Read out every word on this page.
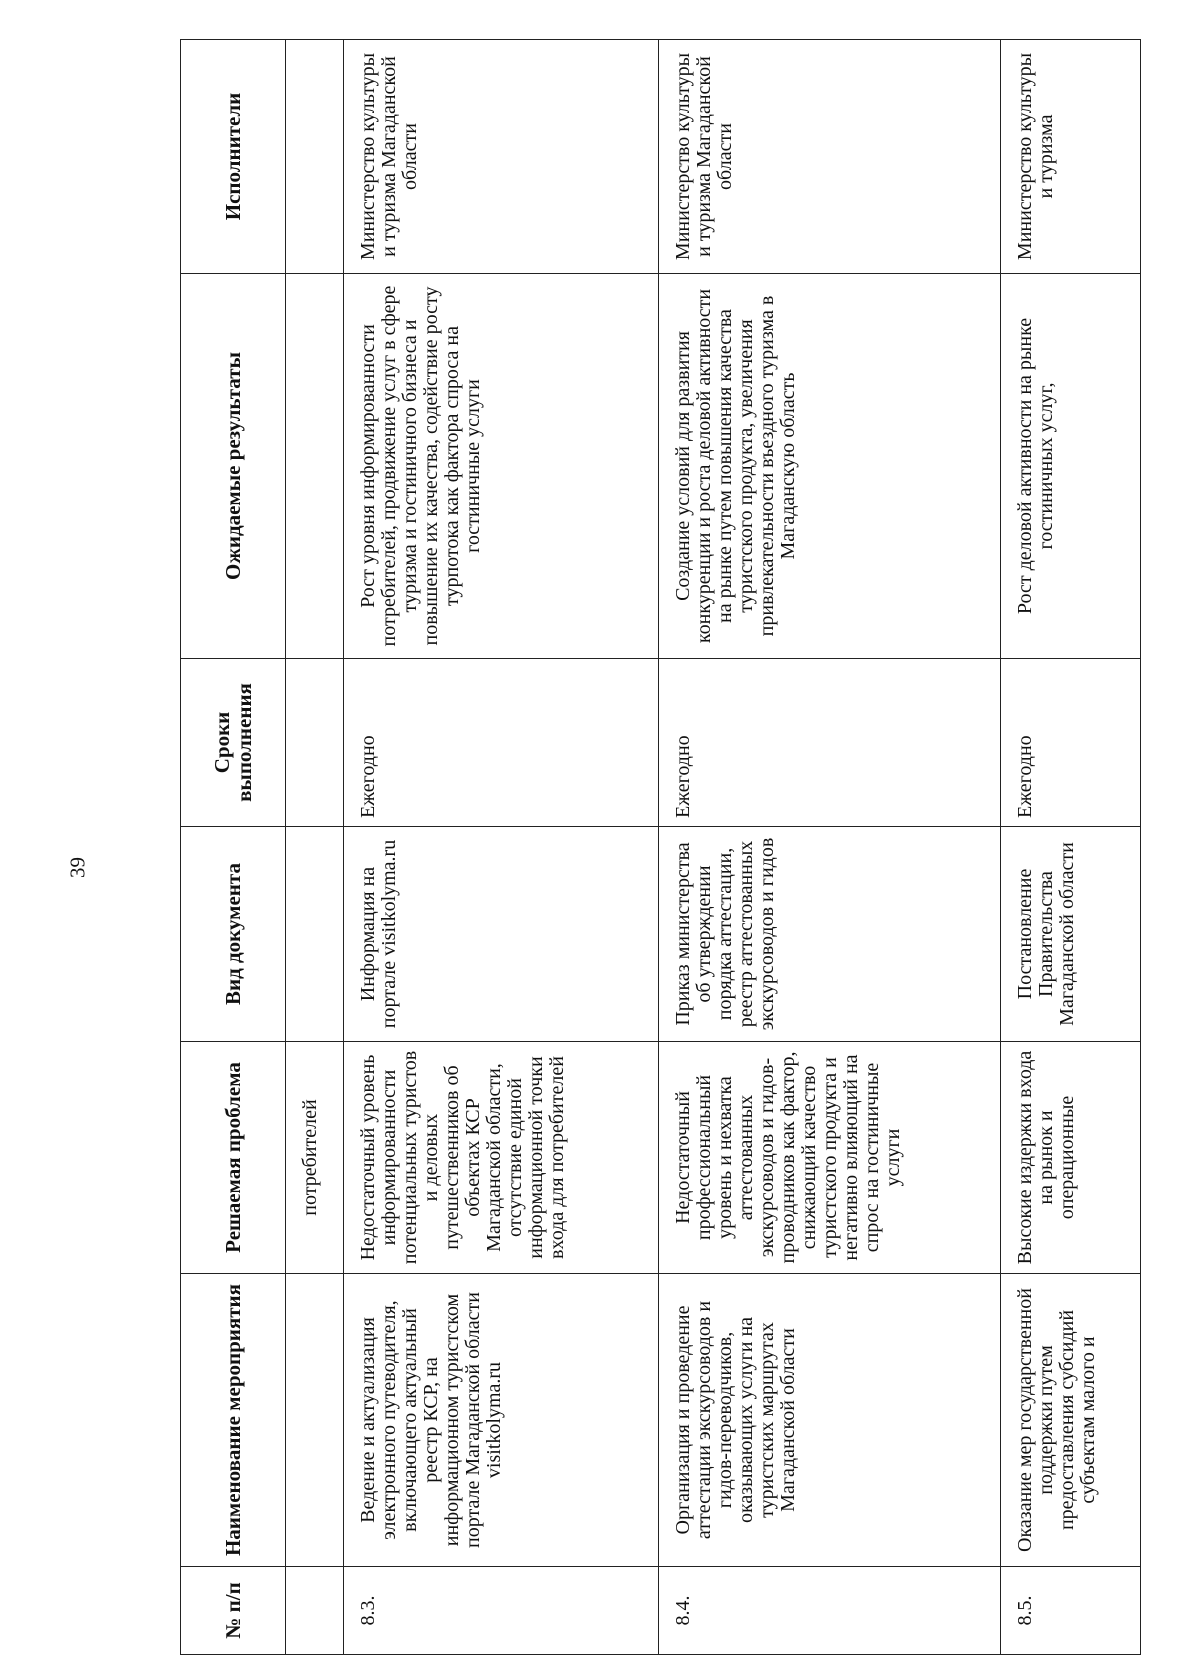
39
№ п/п	Наименование мероприятия	Решаемая проблема	Вид документа	Сроки выполнения	Ожидаемые результаты	Исполнители
		потребителей				
8.3.	Ведение и актуализация электронного путеводителя, включающего актуальный реестр КСР, на информационном туристском портале Магаданской области visitkolyma.ru	Недостаточный уровень информированности потенциальных туристов и деловых путешественников об объектах КСР Магаданской области, отсутствие единой информационной точки входа для потребителей	Информация на портале visitkolyma.ru	Ежегодно	Рост уровня информированности потребителей, продвижение услуг в сфере туризма и гостиничного бизнеса и повышение их качества, содействие росту турпотока как фактора спроса на гостиничные услуги	Министерство культуры и туризма Магаданской области
8.4.	Организация и проведение аттестации экскурсоводов и гидов-переводчиков, оказывающих услуги на туристских маршрутах Магаданской области	Недостаточный профессиональный уровень и нехватка аттестованных экскурсоводов и гидов-проводников как фактор, снижающий качество туристского продукта и негативно влияющий на спрос на гостиничные услуги	Приказ министерства об утверждении порядка аттестации, реестр аттестованных экскурсоводов и гидов	Ежегодно	Создание условий для развития конкуренции и роста деловой активности на рынке путем повышения качества туристского продукта, увеличения привлекательности въездного туризма в Магаданскую область	Министерство культуры и туризма Магаданской области
8.5.	Оказание мер государственной поддержки путем предоставления субсидий субъектам малого и	Высокие издержки входа на рынок и операционные	Постановление Правительства Магаданской области	Ежегодно	Рост деловой активности на рынке гостиничных услуг,	Министерство культуры и туризма
